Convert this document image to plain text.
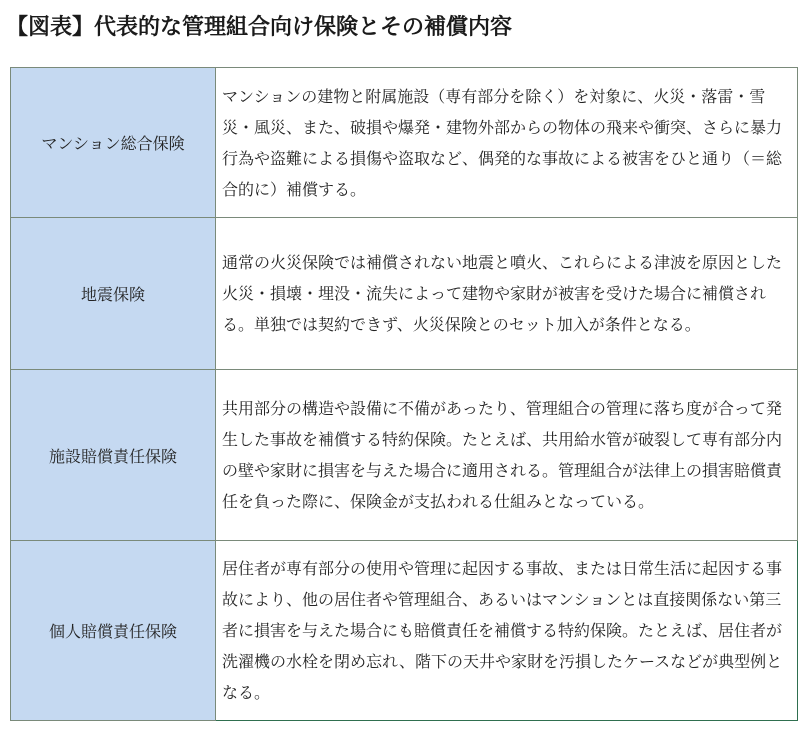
【図表】代表的な管理組合向け保険とその補償内容
マンション総合保険	マンションの建物と附属施設（専有部分を除く）を対象に、火災・落雷・雪災・風災、また、破損や爆発・建物外部からの物体の飛来や衝突、さらに暴力行為や盗難による損傷や盗取など、偶発的な事故による被害をひと通り（＝総合的に）補償する。
地震保険	通常の火災保険では補償されない地震と噴火、これらによる津波を原因とした火災・損壊・埋没・流失によって建物や家財が被害を受けた場合に補償される。単独では契約できず、火災保険とのセット加入が条件となる。
施設賠償責任保険	共用部分の構造や設備に不備があったり、管理組合の管理に落ち度が合って発生した事故を補償する特約保険。たとえば、共用給水管が破裂して専有部分内の壁や家財に損害を与えた場合に適用される。管理組合が法律上の損害賠償責任を負った際に、保険金が支払われる仕組みとなっている。
個人賠償責任保険	居住者が専有部分の使用や管理に起因する事故、または日常生活に起因する事故により、他の居住者や管理組合、あるいはマンションとは直接関係ない第三者に損害を与えた場合にも賠償責任を補償する特約保険。たとえば、居住者が洗濯機の水栓を閉め忘れ、階下の天井や家財を汚損したケースなどが典型例となる。
